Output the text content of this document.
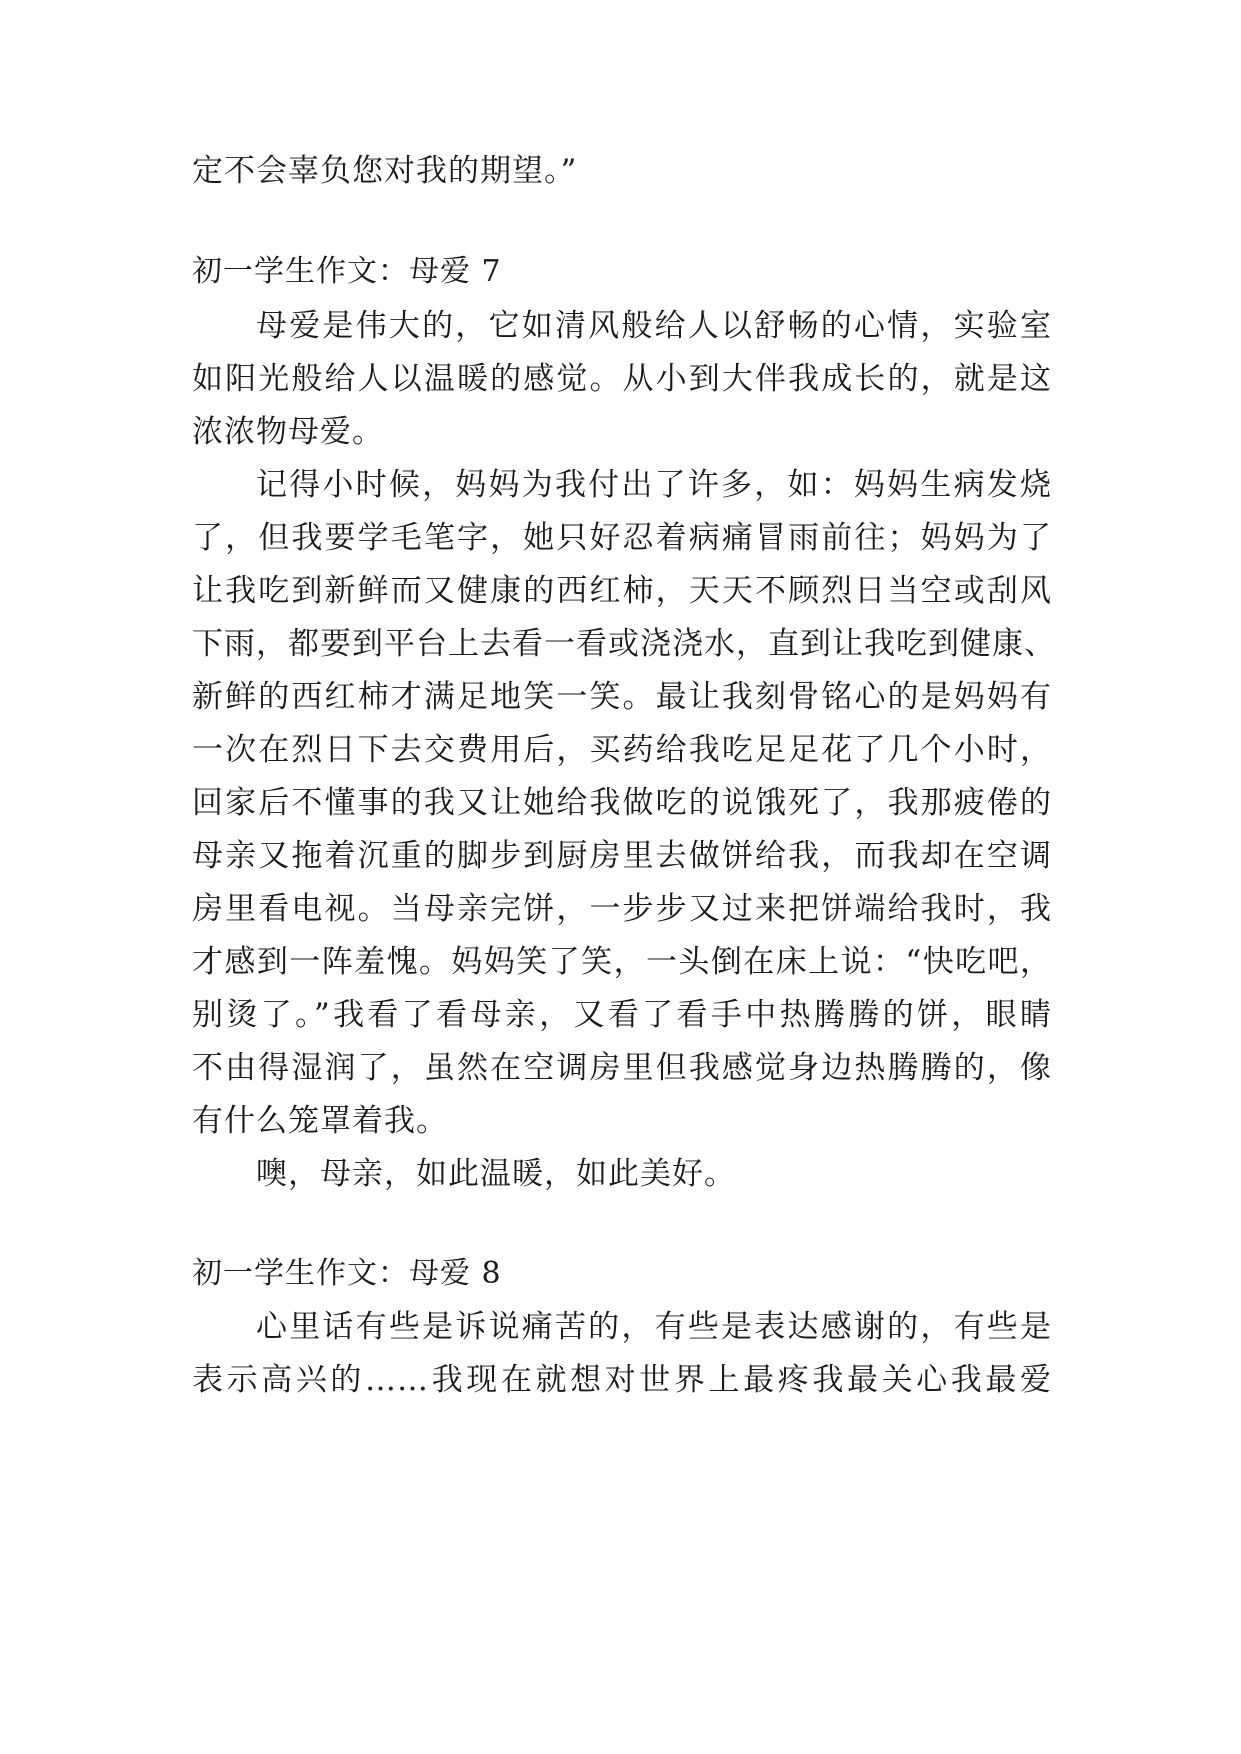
定不会辜负您对我的期望。”
初一学生作文：母爱 7
母爱是伟大的，它如清风般给人以舒畅的心情，实验室
如阳光般给人以温暖的感觉。从小到大伴我成长的，就是这
浓浓物母爱。
记得小时候，妈妈为我付出了许多，如：妈妈生病发烧
了，但我要学毛笔字，她只好忍着病痛冒雨前往；妈妈为了
让我吃到新鲜而又健康的西红柿，天天不顾烈日当空或刮风
下雨，都要到平台上去看一看或浇浇水，直到让我吃到健康、
新鲜的西红柿才满足地笑一笑。最让我刻骨铭心的是妈妈有
一次在烈日下去交费用后，买药给我吃足足花了几个小时，
回家后不懂事的我又让她给我做吃的说饿死了，我那疲倦的
母亲又拖着沉重的脚步到厨房里去做饼给我，而我却在空调
房里看电视。当母亲完饼，一步步又过来把饼端给我时，我
才感到一阵羞愧。妈妈笑了笑，一头倒在床上说：“快吃吧，
别烫了。”我看了看母亲，又看了看手中热腾腾的饼，眼睛
不由得湿润了，虽然在空调房里但我感觉身边热腾腾的，像
有什么笼罩着我。
噢，母亲，如此温暖，如此美好。
初一学生作文：母爱 8
心里话有些是诉说痛苦的，有些是表达感谢的，有些是
表示高兴的……我现在就想对世界上最疼我最关心我最爱
